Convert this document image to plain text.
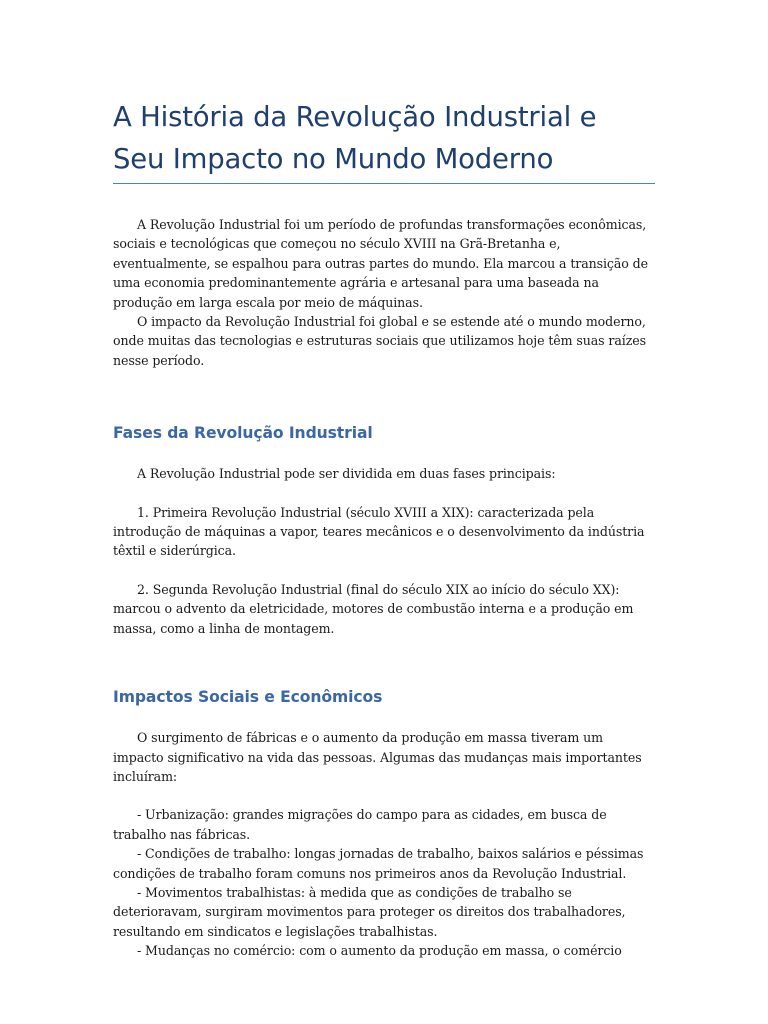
A História da Revolução Industrial e Seu Impacto no Mundo Moderno

A Revolução Industrial foi um período de profundas transformações econômicas, sociais e tecnológicas que começou no século XVIII na Grã-Bretanha e, eventualmente, se espalhou para outras partes do mundo. Ela marcou a transição de uma economia predominantemente agrária e artesanal para uma baseada na produção em larga escala por meio de máquinas.

O impacto da Revolução Industrial foi global e se estende até o mundo moderno, onde muitas das tecnologias e estruturas sociais que utilizamos hoje têm suas raízes nesse período.

Fases da Revolução Industrial

A Revolução Industrial pode ser dividida em duas fases principais:

1. Primeira Revolução Industrial (século XVIII a XIX): caracterizada pela introdução de máquinas a vapor, teares mecânicos e o desenvolvimento da indústria têxtil e siderúrgica.

2. Segunda Revolução Industrial (final do século XIX ao início do século XX): marcou o advento da eletricidade, motores de combustão interna e a produção em massa, como a linha de montagem.

Impactos Sociais e Econômicos

O surgimento de fábricas e o aumento da produção em massa tiveram um impacto significativo na vida das pessoas. Algumas das mudanças mais importantes incluíram:

- Urbanização: grandes migrações do campo para as cidades, em busca de trabalho nas fábricas.

- Condições de trabalho: longas jornadas de trabalho, baixos salários e péssimas condições de trabalho foram comuns nos primeiros anos da Revolução Industrial.

- Movimentos trabalhistas: à medida que as condições de trabalho se deterioravam, surgiram movimentos para proteger os direitos dos trabalhadores, resultando em sindicatos e legislações trabalhistas.

- Mudanças no comércio: com o aumento da produção em massa, o comércio
